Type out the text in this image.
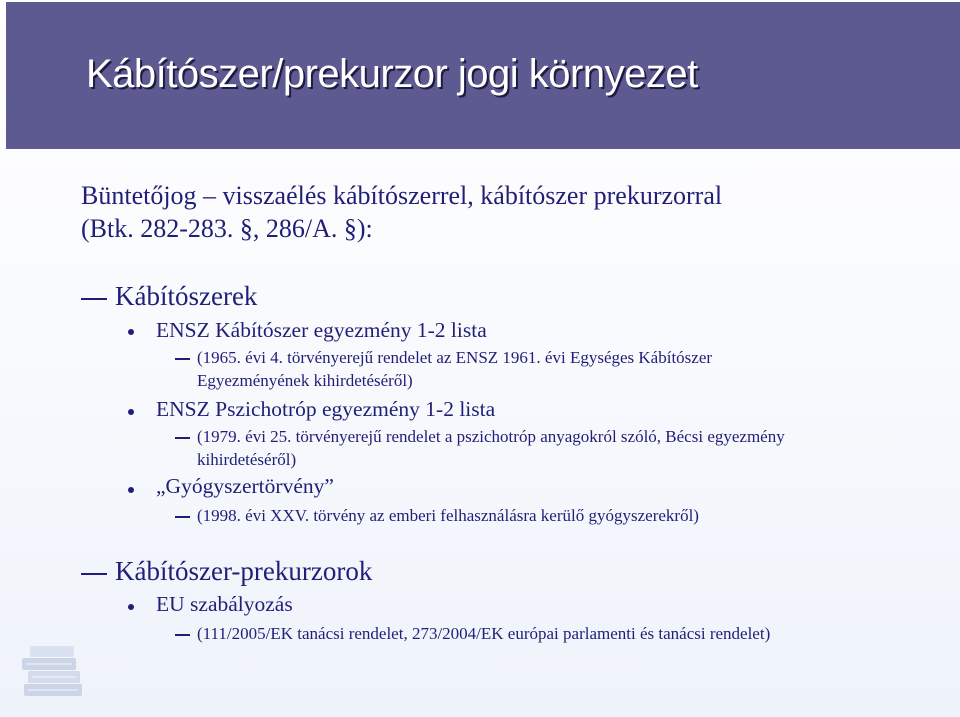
Kábítószer/prekurzor jogi környezet
Büntetőjog – visszaélés kábítószerrel, kábítószer prekurzorral
(Btk. 282-283. §, 286/A. §):
Kábítószerek
ENSZ Kábítószer egyezmény 1-2 lista
(1965. évi 4. törvényerejű rendelet az ENSZ 1961. évi Egységes Kábítószer
Egyezményének kihirdetéséről)
ENSZ Pszichotróp egyezmény 1-2 lista
(1979. évi 25. törvényerejű rendelet a pszichotróp anyagokról szóló, Bécsi egyezmény
kihirdetéséről)
„Gyógyszertörvény”
(1998. évi XXV. törvény az emberi felhasználásra kerülő gyógyszerekről)
Kábítószer-prekurzorok
EU szabályozás
(111/2005/EK tanácsi rendelet, 273/2004/EK európai parlamenti és tanácsi rendelet)
